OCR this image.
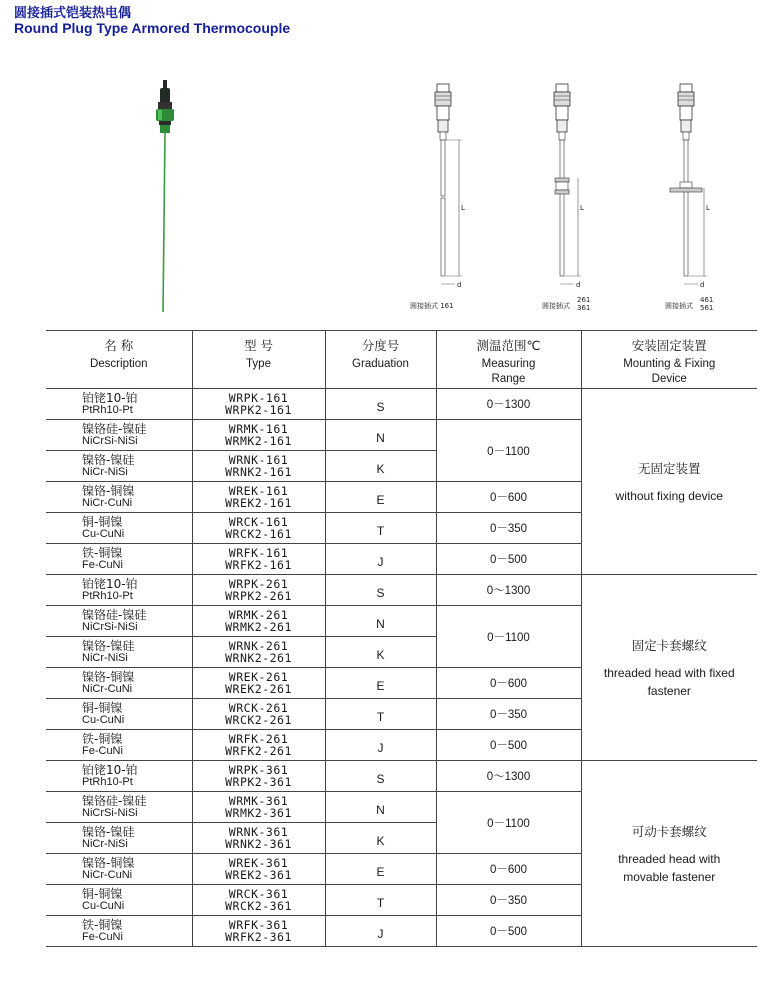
圆接插式铠装热电偶
Round Plug Type Armored Thermocouple
L
d
圆接插式 161
L
d
圆接插式
261
361
L
d
圆接插式
461
561
名 称
Description	型 号
Type	分度号
Graduation	测温范围℃
Measuring Range	安装固定装置
Mounting & Fixing Device

铂铑10-铂
PtRh10-Pt	WRPK-161
WRPK2-161	S	0－1300	无固定装置
without fixing device

镍铬硅-镍硅
NiCrSi-NiSi	WRMK-161
WRMK2-161	N	0－1100	

镍铬-镍硅
NiCr-NiSi	WRNK-161
WRNK2-161	K		

镍铬-铜镍
NiCr-CuNi	WREK-161
WREK2-161	E	0－600	

铜-铜镍
Cu-CuNi	WRCK-161
WRCK2-161	T	0－350	

铁-铜镍
Fe-CuNi	WRFK-161
WRFK2-161	J	0－500	

铂铑10-铂
PtRh10-Pt	WRPK-261
WRPK2-261	S	0～1300	固定卡套螺纹
threaded head with fixed fastener

镍铬硅-镍硅
NiCrSi-NiSi	WRMK-261
WRMK2-261	N	0－1100	

镍铬-镍硅
NiCr-NiSi	WRNK-261
WRNK2-261	K		

镍铬-铜镍
NiCr-CuNi	WREK-261
WREK2-261	E	0－600	

铜-铜镍
Cu-CuNi	WRCK-261
WRCK2-261	T	0－350	

铁-铜镍
Fe-CuNi	WRFK-261
WRFK2-261	J	0－500	

铂铑10-铂
PtRh10-Pt	WRPK-361
WRPK2-361	S	0～1300	可动卡套螺纹
threaded head with movable fastener

镍铬硅-镍硅
NiCrSi-NiSi	WRMK-361
WRMK2-361	N	0－1100	

镍铬-镍硅
NiCr-NiSi	WRNK-361
WRNK2-361	K		

镍铬-铜镍
NiCr-CuNi	WREK-361
WREK2-361	E	0－600	

铜-铜镍
Cu-CuNi	WRCK-361
WRCK2-361	T	0－350	

铁-铜镍
Fe-CuNi	WRFK-361
WRFK2-361	J	0－500	
